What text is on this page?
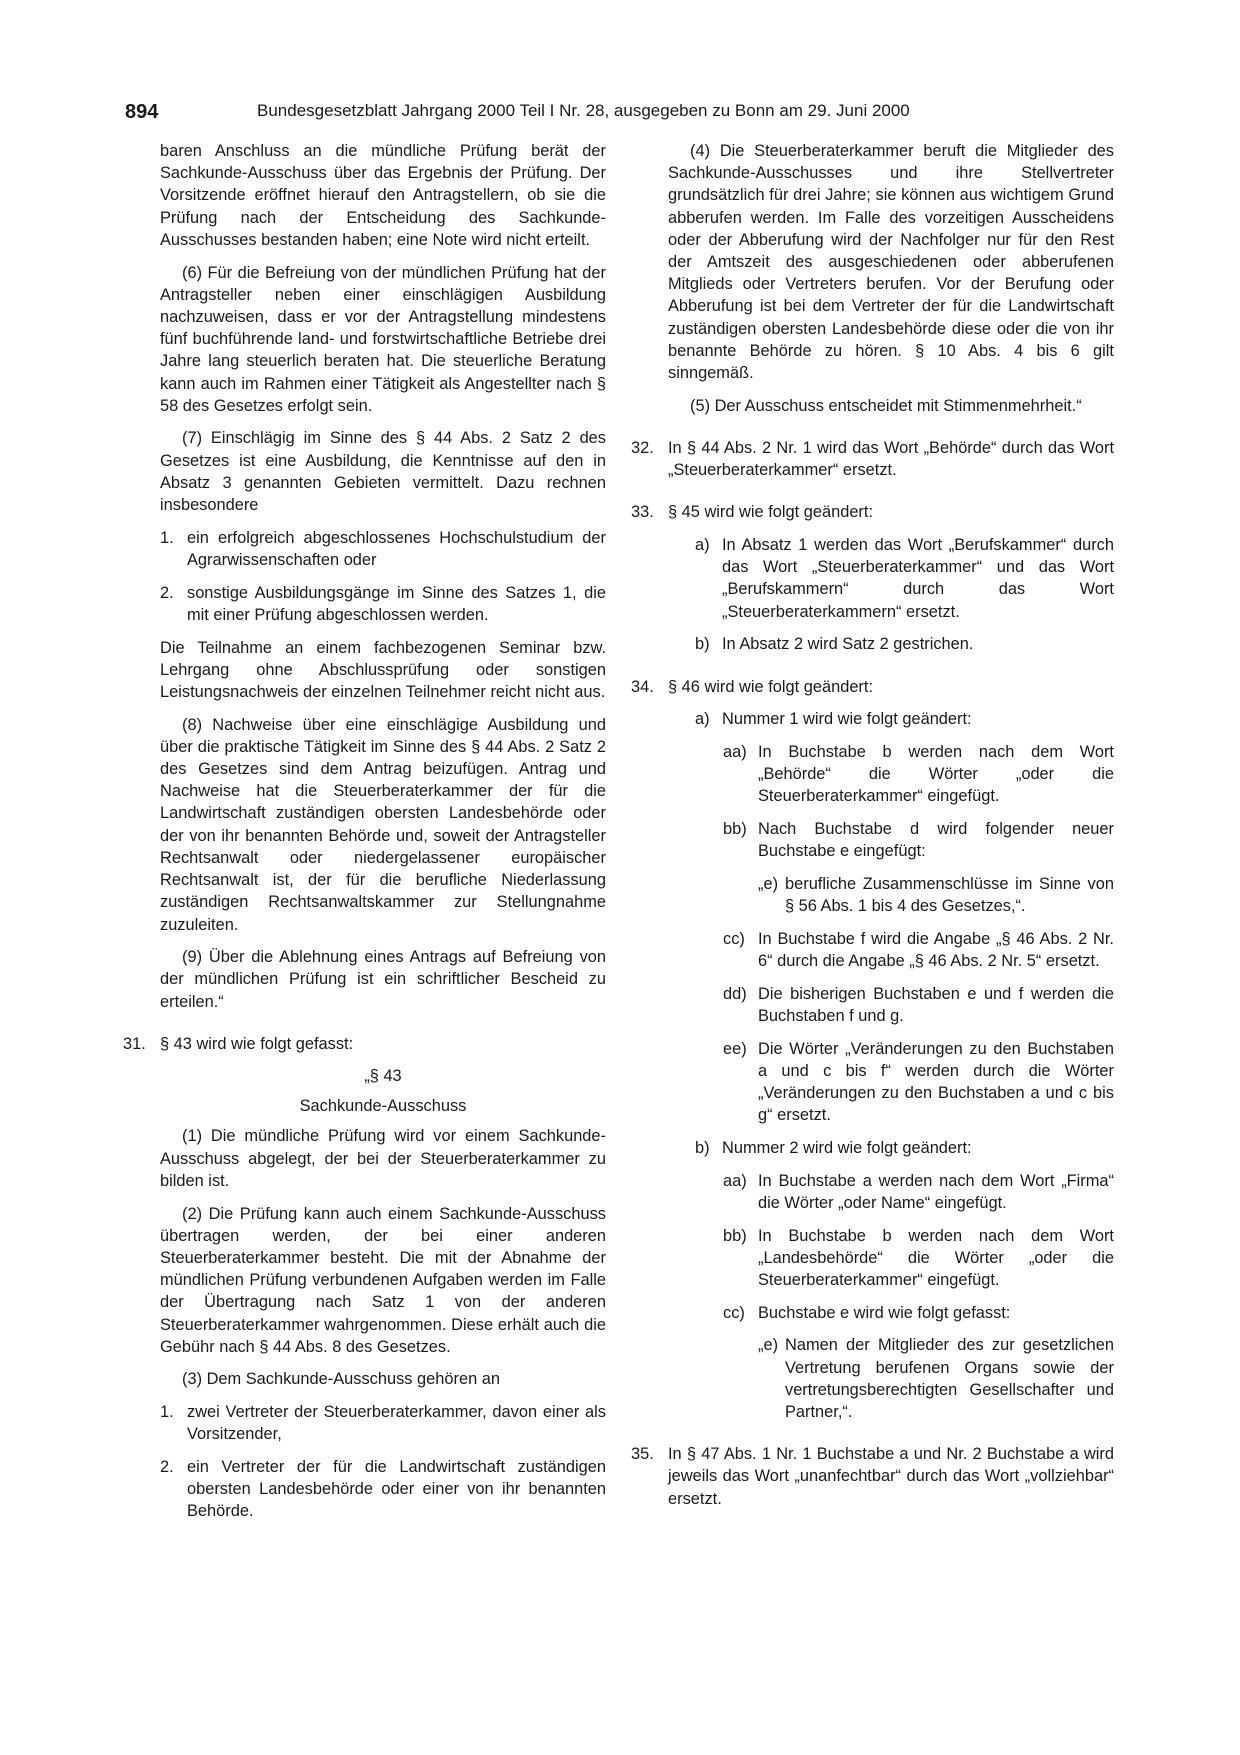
894	Bundesgesetzblatt Jahrgang 2000 Teil I Nr. 28, ausgegeben zu Bonn am 29. Juni 2000

baren Anschluss an die mündliche Prüfung berät der Sachkunde-Ausschuss über das Ergebnis der Prüfung. Der Vorsitzende eröffnet hierauf den Antragstellern, ob sie die Prüfung nach der Entscheidung des Sachkunde-Ausschusses bestanden haben; eine Note wird nicht erteilt.

(6) Für die Befreiung von der mündlichen Prüfung hat der Antragsteller neben einer einschlägigen Ausbildung nachzuweisen, dass er vor der Antragstellung mindestens fünf buchführende land- und forstwirtschaftliche Betriebe drei Jahre lang steuerlich beraten hat. Die steuerliche Beratung kann auch im Rahmen einer Tätigkeit als Angestellter nach § 58 des Gesetzes erfolgt sein.

(7) Einschlägig im Sinne des § 44 Abs. 2 Satz 2 des Gesetzes ist eine Ausbildung, die Kenntnisse auf den in Absatz 3 genannten Gebieten vermittelt. Dazu rechnen insbesondere

1. ein erfolgreich abgeschlossenes Hochschulstudium der Agrarwissenschaften oder
2. sonstige Ausbildungsgänge im Sinne des Satzes 1, die mit einer Prüfung abgeschlossen werden.

Die Teilnahme an einem fachbezogenen Seminar bzw. Lehrgang ohne Abschlussprüfung oder sonstigen Leistungsnachweis der einzelnen Teilnehmer reicht nicht aus.

(8) Nachweise über eine einschlägige Ausbildung und über die praktische Tätigkeit im Sinne des § 44 Abs. 2 Satz 2 des Gesetzes sind dem Antrag beizufügen. Antrag und Nachweise hat die Steuerberaterkammer der für die Landwirtschaft zuständigen obersten Landesbehörde oder der von ihr benannten Behörde und, soweit der Antragsteller Rechtsanwalt oder niedergelassener europäischer Rechtsanwalt ist, der für die berufliche Niederlassung zuständigen Rechtsanwaltskammer zur Stellungnahme zuzuleiten.

(9) Über die Ablehnung eines Antrags auf Befreiung von der mündlichen Prüfung ist ein schriftlicher Bescheid zu erteilen.“

31. § 43 wird wie folgt gefasst:

„§ 43

Sachkunde-Ausschuss

(1) Die mündliche Prüfung wird vor einem Sachkunde-Ausschuss abgelegt, der bei der Steuerberaterkammer zu bilden ist.

(2) Die Prüfung kann auch einem Sachkunde-Ausschuss übertragen werden, der bei einer anderen Steuerberaterkammer besteht. Die mit der Abnahme der mündlichen Prüfung verbundenen Aufgaben werden im Falle der Übertragung nach Satz 1 von der anderen Steuerberaterkammer wahrgenommen. Diese erhält auch die Gebühr nach § 44 Abs. 8 des Gesetzes.

(3) Dem Sachkunde-Ausschuss gehören an

1. zwei Vertreter der Steuerberaterkammer, davon einer als Vorsitzender,
2. ein Vertreter der für die Landwirtschaft zuständigen obersten Landesbehörde oder einer von ihr benannten Behörde.

(4) Die Steuerberaterkammer beruft die Mitglieder des Sachkunde-Ausschusses und ihre Stellvertreter grundsätzlich für drei Jahre; sie können aus wichtigem Grund abberufen werden. Im Falle des vorzeitigen Ausscheidens oder der Abberufung wird der Nachfolger nur für den Rest der Amtszeit des ausgeschiedenen oder abberufenen Mitglieds oder Vertreters berufen. Vor der Berufung oder Abberufung ist bei dem Vertreter der für die Landwirtschaft zuständigen obersten Landesbehörde diese oder die von ihr benannte Behörde zu hören. § 10 Abs. 4 bis 6 gilt sinngemäß.

(5) Der Ausschuss entscheidet mit Stimmenmehrheit.“

32. In § 44 Abs. 2 Nr. 1 wird das Wort „Behörde“ durch das Wort „Steuerberaterkammer“ ersetzt.
33. § 45 wird wie folgt geändert:
a) In Absatz 1 werden das Wort „Berufskammer“ durch das Wort „Steuerberaterkammer“ und das Wort „Berufskammern“ durch das Wort „Steuerberaterkammern“ ersetzt.
b) In Absatz 2 wird Satz 2 gestrichen.
34. § 46 wird wie folgt geändert:
a) Nummer 1 wird wie folgt geändert:
aa) In Buchstabe b werden nach dem Wort „Behörde“ die Wörter „oder die Steuerberaterkammer“ eingefügt.
bb) Nach Buchstabe d wird folgender neuer Buchstabe e eingefügt:
„e) berufliche Zusammenschlüsse im Sinne von § 56 Abs. 1 bis 4 des Gesetzes,“.
cc) In Buchstabe f wird die Angabe „§ 46 Abs. 2 Nr. 6“ durch die Angabe „§ 46 Abs. 2 Nr. 5“ ersetzt.
dd) Die bisherigen Buchstaben e und f werden die Buchstaben f und g.
ee) Die Wörter „Veränderungen zu den Buchstaben a und c bis f“ werden durch die Wörter „Veränderungen zu den Buchstaben a und c bis g“ ersetzt.
b) Nummer 2 wird wie folgt geändert:
aa) In Buchstabe a werden nach dem Wort „Firma“ die Wörter „oder Name“ eingefügt.
bb) In Buchstabe b werden nach dem Wort „Landesbehörde“ die Wörter „oder die Steuerberaterkammer“ eingefügt.
cc) Buchstabe e wird wie folgt gefasst:
„e) Namen der Mitglieder des zur gesetzlichen Vertretung berufenen Organs sowie der vertretungsberechtigten Gesellschafter und Partner,“.
35. In § 47 Abs. 1 Nr. 1 Buchstabe a und Nr. 2 Buchstabe a wird jeweils das Wort „unanfechtbar“ durch das Wort „vollziehbar“ ersetzt.
